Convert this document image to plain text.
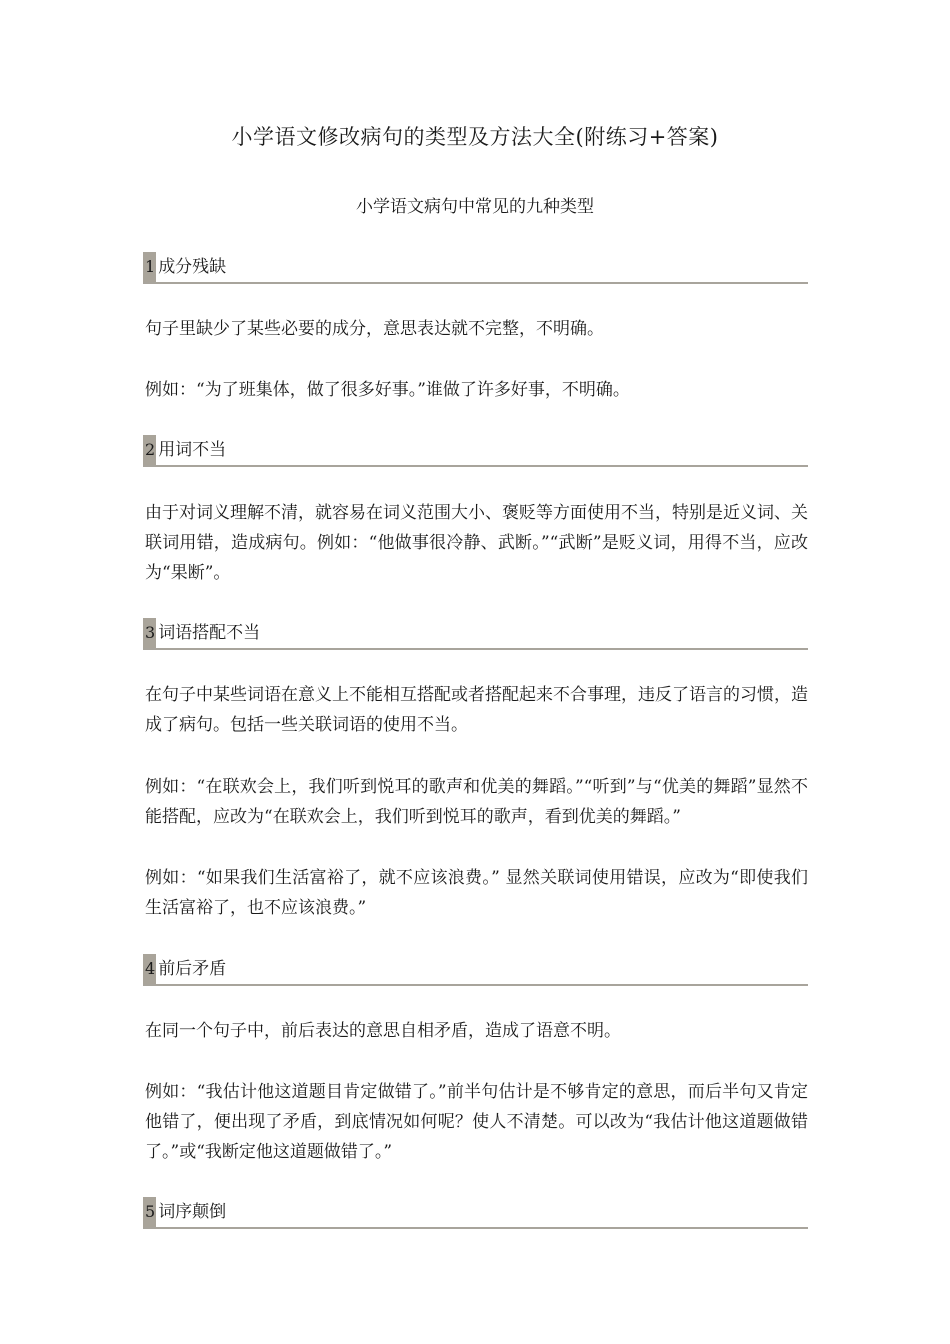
小学语文修改病句的类型及方法大全(附练习+答案)
小学语文病句中常见的九种类型
1 成分残缺

句子里缺少了某些必要的成分，意思表达就不完整，不明确。

例如：“为了班集体，做了很多好事。”谁做了许多好事，不明确。

2 用词不当

由于对词义理解不清，就容易在词义范围大小、褒贬等方面使用不当，特别是近义词、关联词用错，造成病句。例如：“他做事很冷静、武断。”“武断”是贬义词，用得不当，应改为“果断”。

3 词语搭配不当

在句子中某些词语在意义上不能相互搭配或者搭配起来不合事理，违反了语言的习惯，造成了病句。包括一些关联词语的使用不当。

例如：“在联欢会上，我们听到悦耳的歌声和优美的舞蹈。”“听到”与“优美的舞蹈”显然不能搭配，应改为“在联欢会上，我们听到悦耳的歌声，看到优美的舞蹈。”

例如：“如果我们生活富裕了，就不应该浪费。” 显然关联词使用错误，应改为“即使我们生活富裕了，也不应该浪费。”

4 前后矛盾

在同一个句子中，前后表达的意思自相矛盾，造成了语意不明。

例如：“我估计他这道题目肯定做错了。”前半句估计是不够肯定的意思，而后半句又肯定他错了，便出现了矛盾，到底情况如何呢？使人不清楚。可以改为“我估计他这道题做错了。”或“我断定他这道题做错了。”

5 词序颠倒
